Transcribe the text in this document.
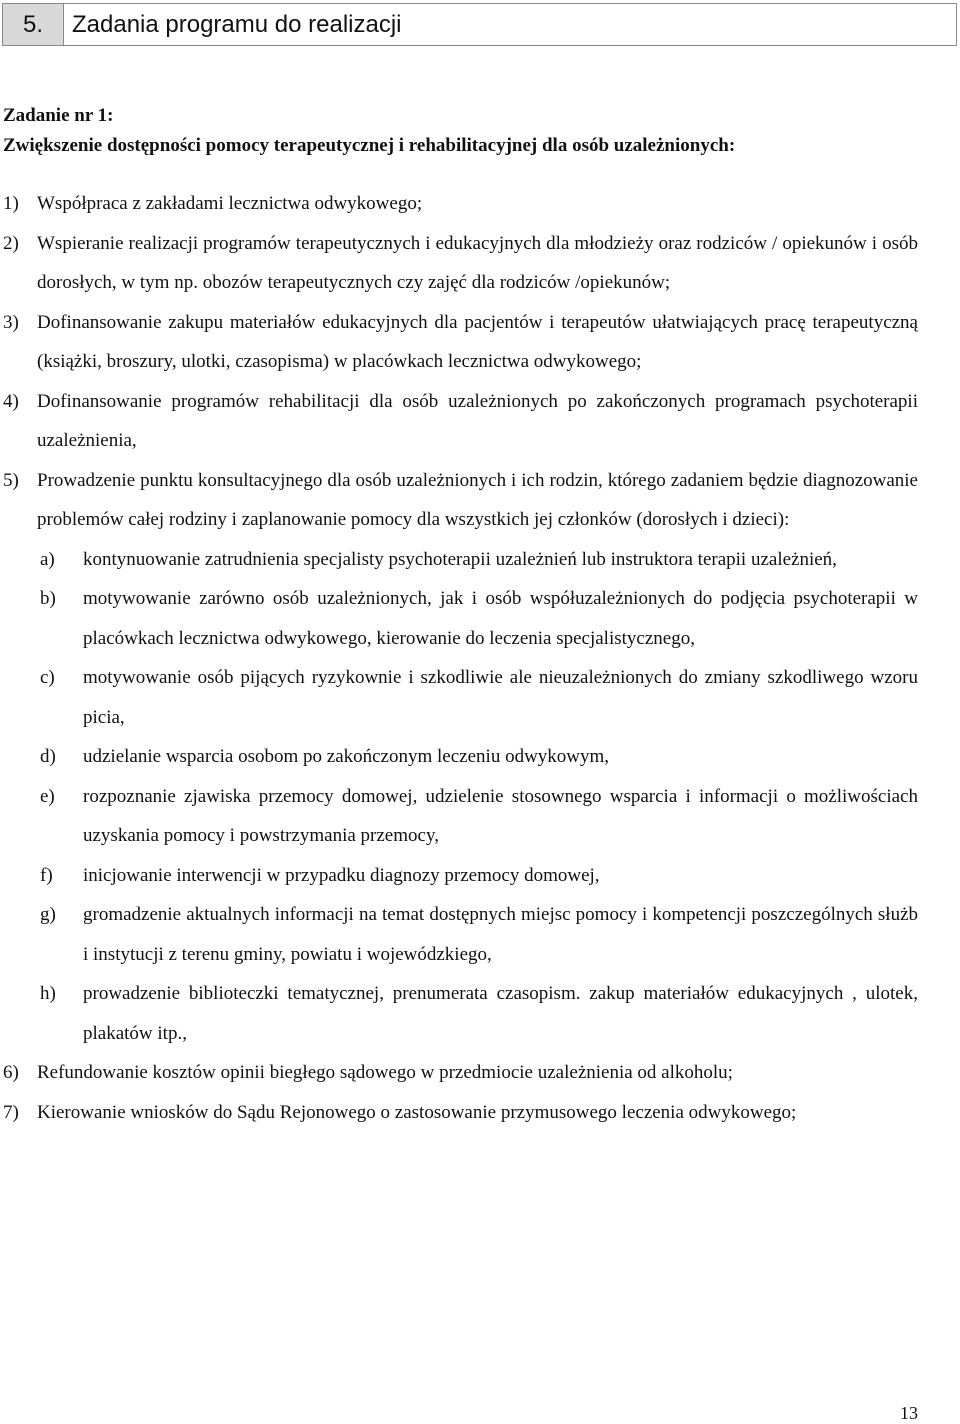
5.	Zadania programu do realizacji
Zadanie nr 1:
Zwiększenie dostępności pomocy terapeutycznej i rehabilitacyjnej dla osób uzależnionych:
1) Współpraca z zakładami lecznictwa odwykowego;
2) Wspieranie realizacji programów terapeutycznych i edukacyjnych dla młodzieży oraz rodziców / opiekunów i osób dorosłych, w tym np. obozów terapeutycznych czy zajęć dla rodziców /opiekunów;
3) Dofinansowanie zakupu materiałów edukacyjnych dla pacjentów i terapeutów ułatwiających pracę terapeutyczną (książki, broszury, ulotki, czasopisma) w placówkach lecznictwa odwykowego;
4) Dofinansowanie programów rehabilitacji dla osób uzależnionych po zakończonych programach psychoterapii uzależnienia,
5) Prowadzenie punktu konsultacyjnego dla osób uzależnionych i ich rodzin, którego zadaniem będzie diagnozowanie problemów całej rodziny i zaplanowanie pomocy dla wszystkich jej członków (dorosłych i dzieci):
a) kontynuowanie zatrudnienia specjalisty psychoterapii uzależnień lub instruktora terapii uzależnień,
b) motywowanie zarówno osób uzależnionych, jak i osób współuzależnionych do podjęcia psychoterapii w placówkach lecznictwa odwykowego, kierowanie do leczenia specjalistycznego,
c) motywowanie osób pijących ryzykownie i szkodliwie ale nieuzależnionych do zmiany szkodliwego wzoru picia,
d) udzielanie wsparcia osobom po zakończonym leczeniu odwykowym,
e) rozpoznanie zjawiska przemocy domowej, udzielenie stosownego wsparcia i informacji o możliwościach uzyskania pomocy i powstrzymania przemocy,
f) inicjowanie interwencji w przypadku diagnozy przemocy domowej,
g) gromadzenie aktualnych informacji na temat dostępnych miejsc pomocy i kompetencji poszczególnych służb i instytucji z terenu gminy, powiatu i wojewódzkiego,
h) prowadzenie biblioteczki tematycznej, prenumerata czasopism. zakup materiałów edukacyjnych , ulotek, plakatów itp.,
6) Refundowanie kosztów opinii biegłego sądowego w przedmiocie uzależnienia od alkoholu;
7) Kierowanie wniosków do Sądu Rejonowego o zastosowanie przymusowego leczenia odwykowego;
13
